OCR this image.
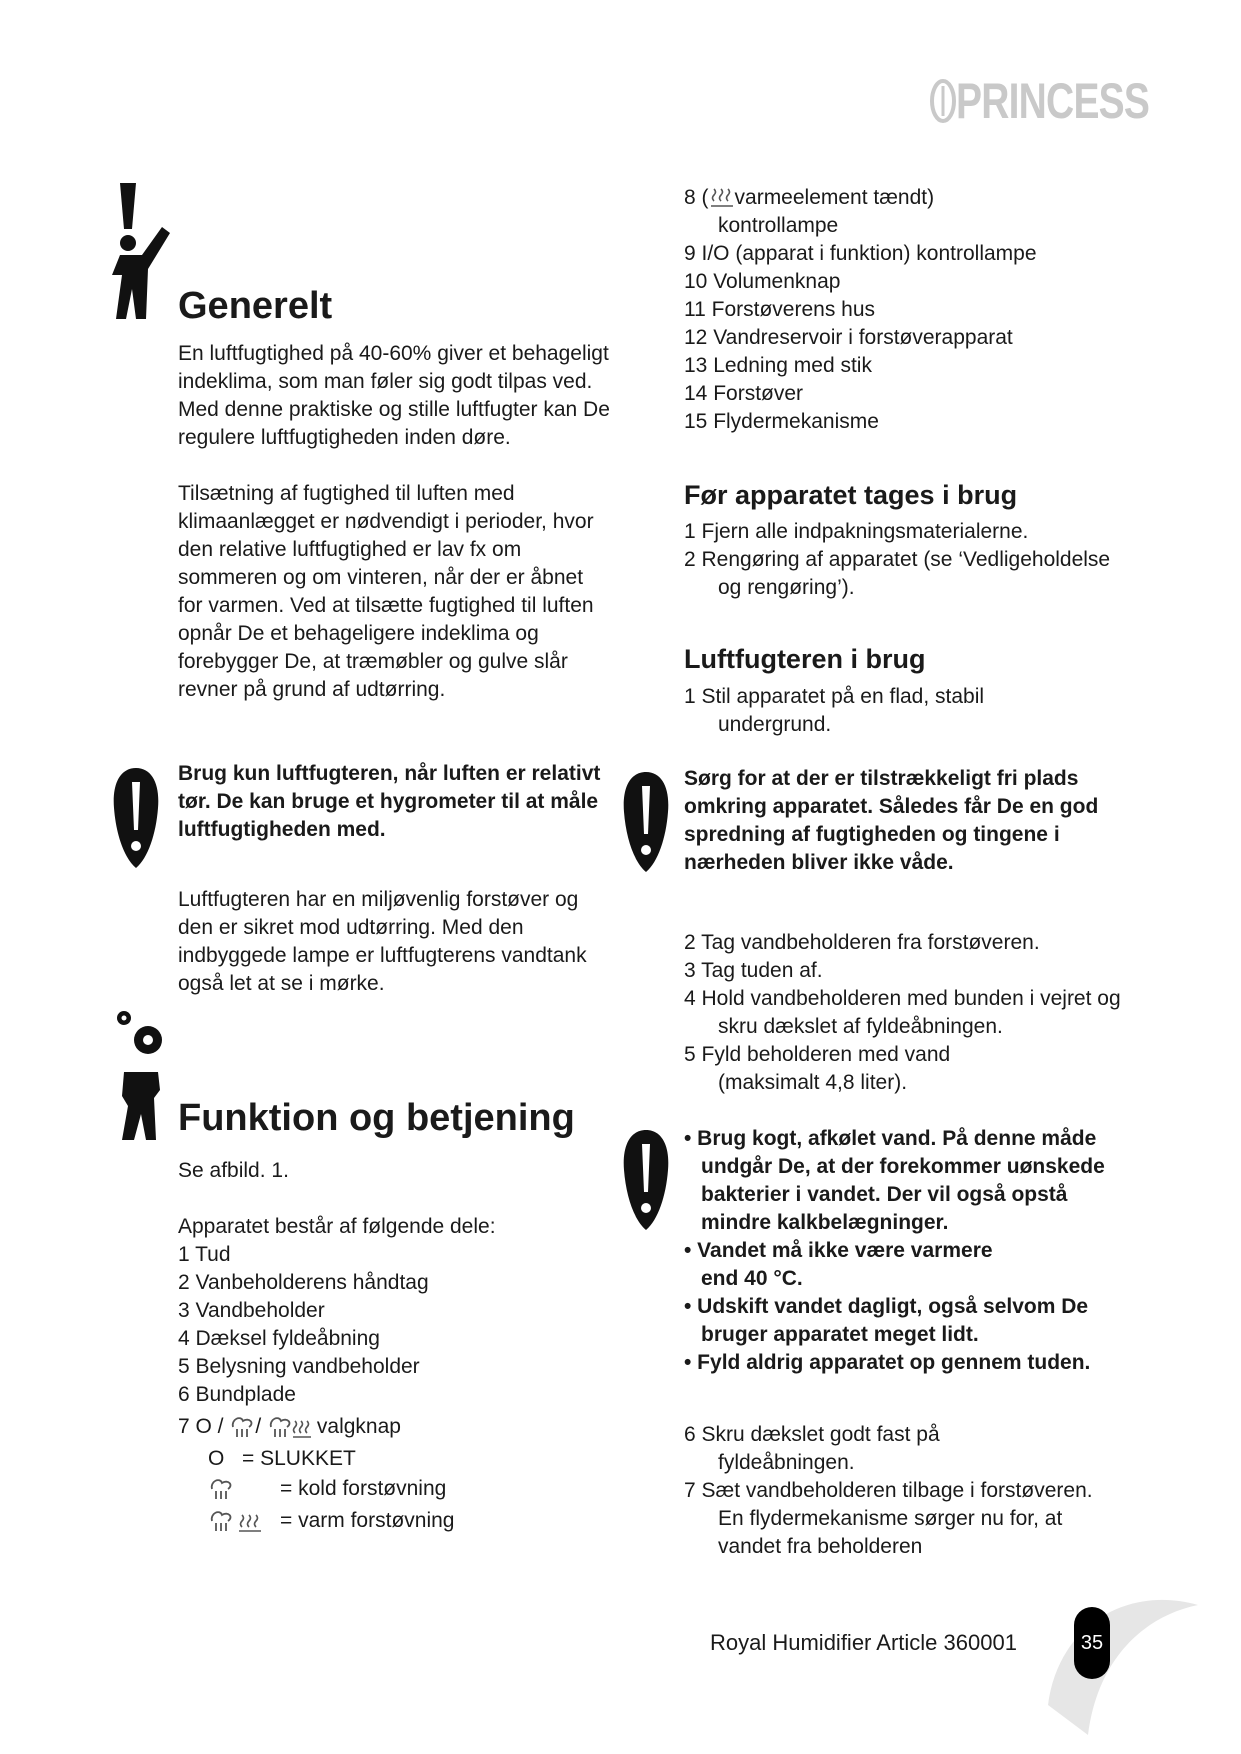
PRINCESS
Generelt

En luftfugtighed på 40-60% giver et behageligt indeklima, som man føler sig godt tilpas ved. Med denne praktiske og stille luftfugter kan De regulere luftfugtigheden inden døre.

Tilsætning af fugtighed til luften med klimaanlægget er nødvendigt i perioder, hvor den relative luftfugtighed er lav fx om sommeren og om vinteren, når der er åbnet for varmen. Ved at tilsætte fugtighed til luften opnår De et behageligere indeklima og forebygger De, at træmøbler og gulve slår revner på grund af udtørring.

Brug kun luftfugteren, når luften er relativt tør. De kan bruge et hygrometer til at måle luftfugtigheden med.

Luftfugteren har en miljøvenlig forstøver og den er sikret mod udtørring. Med den indbyggede lampe er luftfugterens vandtank også let at se i mørke.

Funktion og betjening

Se afbild. 1.

Apparatet består af følgende dele:

1 Tud
2 Vanbeholderens håndtag
3 Vandbeholder
4 Dæksel fyldeåbning
5 Belysning vandbeholder
6 Bundplade
7 O / /	valgknap
O = SLUKKET
= kold forstøvning
= varm forstøvning
8 ( varmeelement tændt)
kontrollampe
9 I/O (apparat i funktion) kontrollampe
10 Volumenknap
11 Forstøverens hus
12 Vandreservoir i forstøverapparat
13 Ledning med stik
14 Forstøver
15 Flydermekanisme
Før apparatet tages i brug
1 Fjern alle indpakningsmaterialerne.
2 Rengøring af apparatet (se ‘Vedligeholdelse og rengøring’).
Luftfugteren i brug

1 Stil apparatet på en flad, stabil undergrund.

Sørg for at der er tilstrækkeligt fri plads omkring apparatet. Således får De en god spredning af fugtigheden og tingene i nærheden bliver ikke våde.

2 Tag vandbeholderen fra forstøveren.
3 Tag tuden af.
4 Hold vandbeholderen med bunden i vejret og skru dækslet af fyldeåbningen.
5 Fyld beholderen med vand (maksimalt 4,8 liter).

• Brug kogt, afkølet vand. På denne måde undgår De, at der forekommer uønskede bakterier i vandet. Der vil også opstå mindre kalkbelægninger.

• Vandet må ikke være varmere end 40 °C.

• Udskift vandet dagligt, også selvom De bruger apparatet meget lidt.

• Fyld aldrig apparatet op gennem tuden.

6 Skru dækslet godt fast på fyldeåbningen.
7 Sæt vandbeholderen tilbage i forstøveren. En flydermekanisme sørger nu for, at vandet fra beholderen
Royal Humidifier Article 360001	35
